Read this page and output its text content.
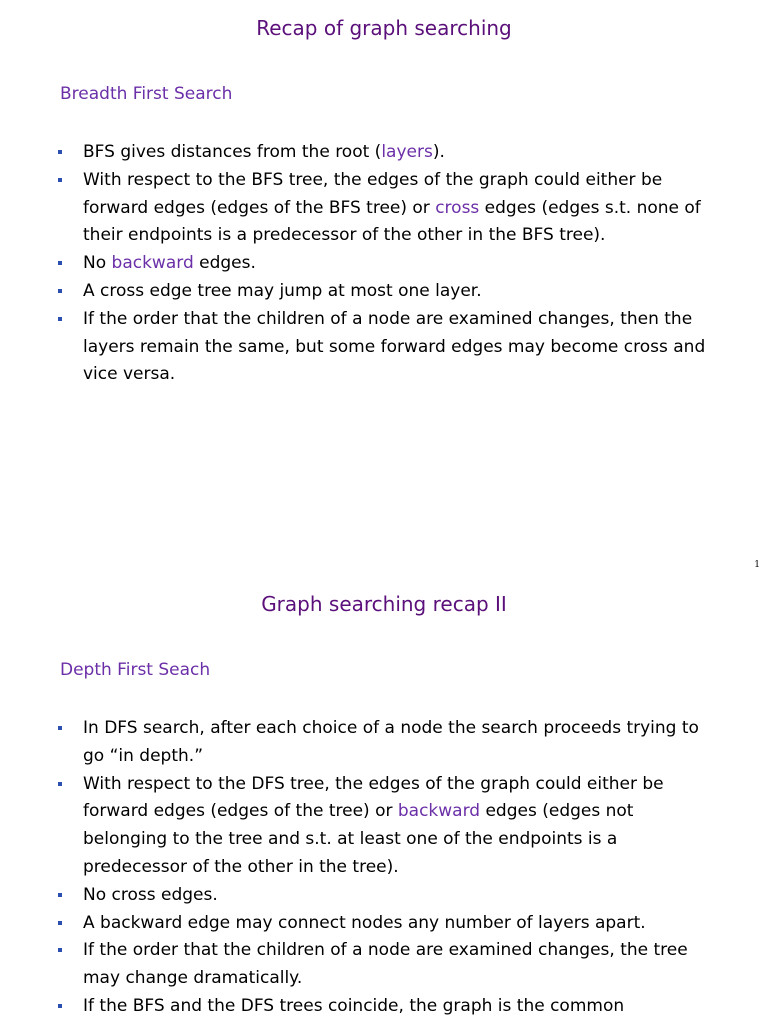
Recap of graph searching
Breadth First Search
BFS gives distances from the root (layers).
With respect to the BFS tree, the edges of the graph could either be forward edges (edges of the BFS tree) or cross edges (edges s.t. none of their endpoints is a predecessor of the other in the BFS tree).
No backward edges.
A cross edge tree may jump at most one layer.
If the order that the children of a node are examined changes, then the layers remain the same, but some forward edges may become cross and vice versa.
1
Graph searching recap II
Depth First Seach
In DFS search, after each choice of a node the search proceeds trying to go “in depth.”
With respect to the DFS tree, the edges of the graph could either be forward edges (edges of the tree) or backward edges (edges not belonging to the tree and s.t. at least one of the endpoints is a predecessor of the other in the tree).
No cross edges.
A backward edge may connect nodes any number of layers apart.
If the order that the children of a node are examined changes, the tree may change dramatically.
If the BFS and the DFS trees coincide, the graph is the common
